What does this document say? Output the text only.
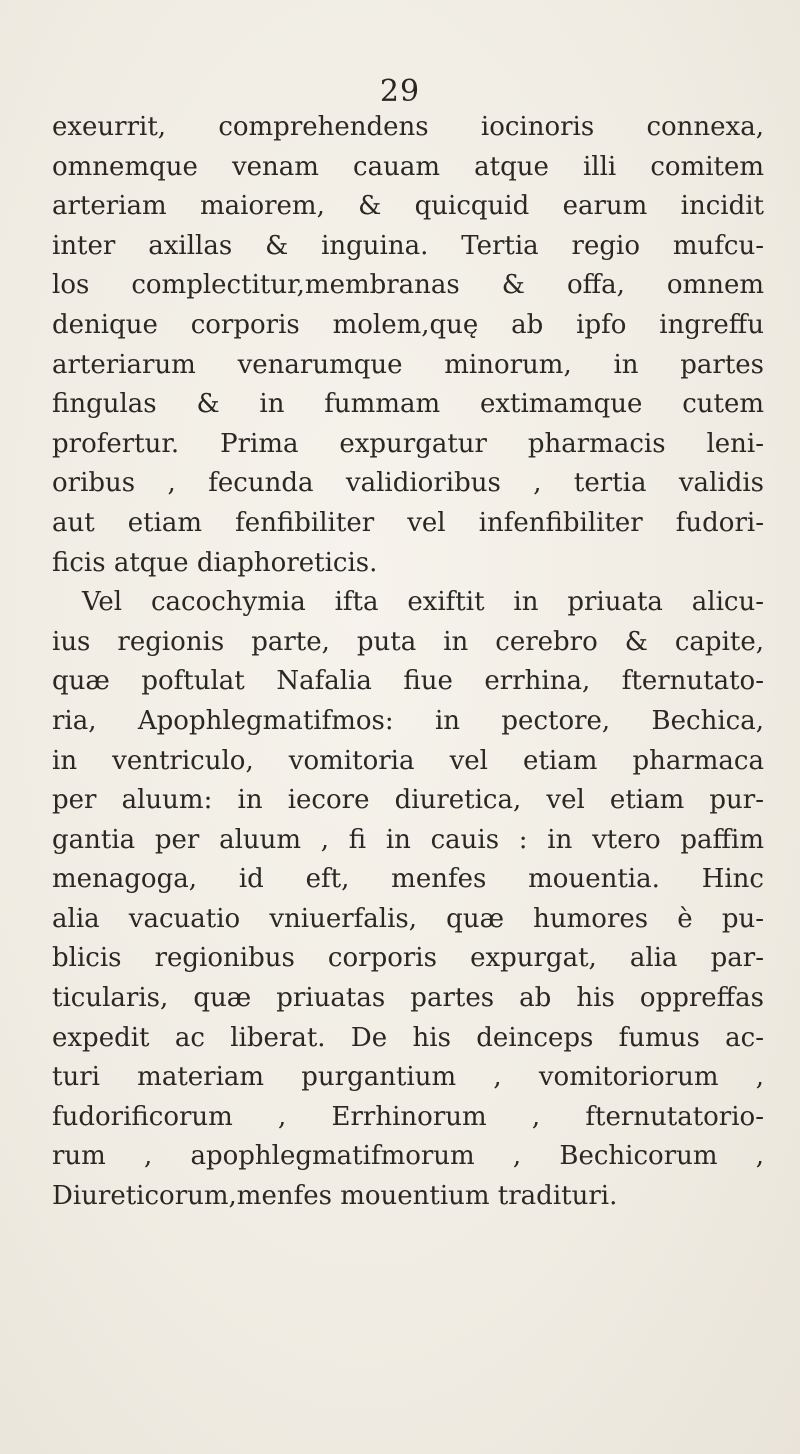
29
exeurrit, comprehendens iocinoris connexa,
omnemque venam cauam atque illi comitem
arteriam maiorem, & quicquid earum incidit
inter axillas & inguina. Tertia regio mufcu-
los complectitur,membranas & offa, omnem
denique corporis molem,quę ab ipfo ingreffu
arteriarum venarumque minorum, in partes
fingulas & in fummam extimamque cutem
profertur. Prima expurgatur pharmacis leni-
oribus , fecunda validioribus , tertia validis
aut etiam fenfibiliter vel infenfibiliter fudori-
ficis atque diaphoreticis.
Vel cacochymia ifta exiftit in priuata alicu-
ius regionis parte, puta in cerebro & capite,
quæ poftulat Nafalia fiue errhina, fternutato-
ria, Apophlegmatifmos: in pectore, Bechica,
in ventriculo, vomitoria vel etiam pharmaca
per aluum: in iecore diuretica, vel etiam pur-
gantia per aluum , fi in cauis : in vtero paffim
menagoga, id eft, menfes mouentia. Hinc
alia vacuatio vniuerfalis, quæ humores è pu-
blicis regionibus corporis expurgat, alia par-
ticularis, quæ priuatas partes ab his oppreffas
expedit ac liberat. De his deinceps fumus ac-
turi materiam purgantium , vomitoriorum ,
fudorificorum , Errhinorum , fternutatorio-
rum , apophlegmatifmorum , Bechicorum ,
Diureticorum,menfes mouentium tradituri.
